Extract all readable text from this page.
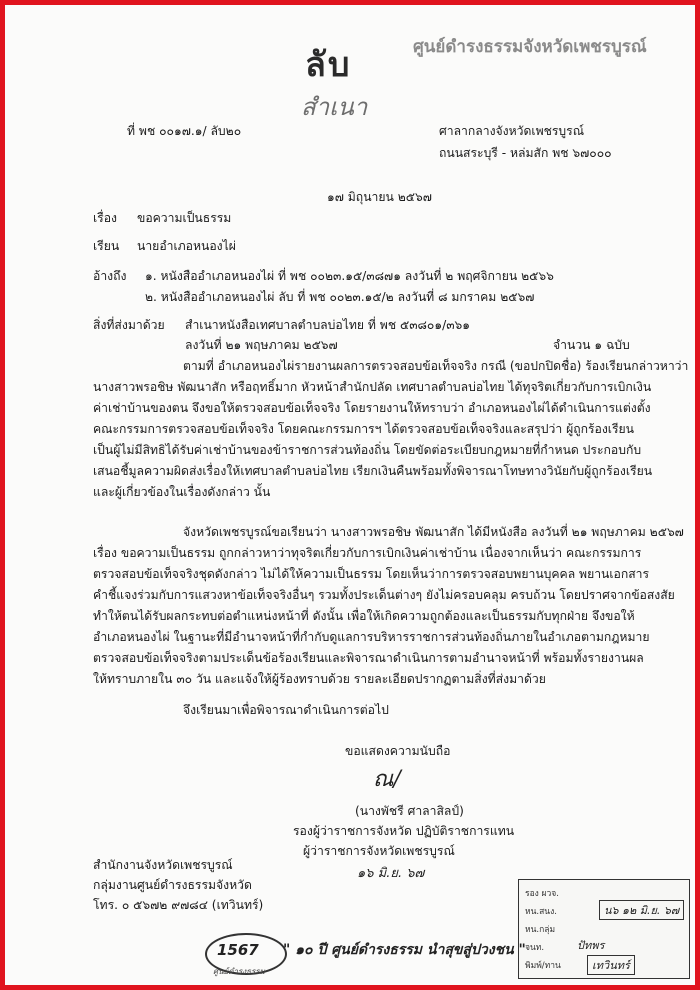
ลับ
สำเนา
ศูนย์ดำรงธรรมจังหวัดเพชรบูรณ์
ที่ พช ๐๐๑๗.๑/ ลับ๒๐	ศาลากลางจังหวัดเพชรบูรณ์
ถนนสระบุรี - หล่มสัก พช ๖๗๐๐๐
๑๗ มิถุนายน ๒๕๖๗
เรื่อง ขอความเป็นธรรม
เรียน นายอำเภอหนองไผ่
อ้างถึง ๑. หนังสืออำเภอหนองไผ่ ที่ พช ๐๐๒๓.๑๕/๓๘๗๑ ลงวันที่ ๒ พฤศจิกายน ๒๕๖๖
๒. หนังสืออำเภอหนองไผ่ ลับ ที่ พช ๐๐๒๓.๑๕/๒ ลงวันที่ ๘ มกราคม ๒๕๖๗
สิ่งที่ส่งมาด้วย สำเนาหนังสือเทศบาลตำบลบ่อไทย ที่ พช ๕๓๘๐๑/๓๖๑
ลงวันที่ ๒๑ พฤษภาคม ๒๕๖๗	จำนวน ๑ ฉบับ

ตามที่ อำเภอหนองไผ่รายงานผลการตรวจสอบข้อเท็จจริง กรณี (ขอปกปิดชื่อ) ร้องเรียนกล่าวหาว่า

นางสาวพรอชิษ พัฒนาสัก หรือฤทธิ์มาก หัวหน้าสำนักปลัด เทศบาลตำบลบ่อไทย ได้ทุจริตเกี่ยวกับการเบิกเงิน

ค่าเช่าบ้านของตน จึงขอให้ตรวจสอบข้อเท็จจริง โดยรายงานให้ทราบว่า อำเภอหนองไผ่ได้ดำเนินการแต่งตั้ง

คณะกรรมการตรวจสอบข้อเท็จจริง โดยคณะกรรมการฯ ได้ตรวจสอบข้อเท็จจริงและสรุปว่า ผู้ถูกร้องเรียน

เป็นผู้ไม่มีสิทธิได้รับค่าเช่าบ้านของข้าราชการส่วนท้องถิ่น โดยขัดต่อระเบียบกฎหมายที่กำหนด ประกอบกับ

เสนอชี้มูลความผิดส่งเรื่องให้เทศบาลตำบลบ่อไทย เรียกเงินคืนพร้อมทั้งพิจารณาโทษทางวินัยกับผู้ถูกร้องเรียน

และผู้เกี่ยวข้องในเรื่องดังกล่าว นั้น

จังหวัดเพชรบูรณ์ขอเรียนว่า นางสาวพรอชิษ พัฒนาสัก ได้มีหนังสือ ลงวันที่ ๒๑ พฤษภาคม ๒๕๖๗

เรื่อง ขอความเป็นธรรม ถูกกล่าวหาว่าทุจริตเกี่ยวกับการเบิกเงินค่าเช่าบ้าน เนื่องจากเห็นว่า คณะกรรมการ

ตรวจสอบข้อเท็จจริงชุดดังกล่าว ไม่ได้ให้ความเป็นธรรม โดยเห็นว่าการตรวจสอบพยานบุคคล พยานเอกสาร

คำชี้แจงร่วมกับการแสวงหาข้อเท็จจริงอื่นๆ รวมทั้งประเด็นต่างๆ ยังไม่ครอบคลุม ครบถ้วน โดยปราศจากข้อสงสัย

ทำให้ตนได้รับผลกระทบต่อตำแหน่งหน้าที่ ดังนั้น เพื่อให้เกิดความถูกต้องและเป็นธรรมกับทุกฝ่าย จึงขอให้

อำเภอหนองไผ่ ในฐานะที่มีอำนาจหน้าที่กำกับดูแลการบริหารราชการส่วนท้องถิ่นภายในอำเภอตามกฎหมาย

ตรวจสอบข้อเท็จจริงตามประเด็นข้อร้องเรียนและพิจารณาดำเนินการตามอำนาจหน้าที่ พร้อมทั้งรายงานผล

ให้ทราบภายใน ๓๐ วัน และแจ้งให้ผู้ร้องทราบด้วย รายละเอียดปรากฏตามสิ่งที่ส่งมาด้วย

จึงเรียนมาเพื่อพิจารณาดำเนินการต่อไป
ขอแสดงความนับถือ
ณ/
(นางพัชรี ศาลาสิลป์)
รองผู้ว่าราชการจังหวัด ปฏิบัติราชการแทน
ผู้ว่าราชการจังหวัดเพชรบูรณ์
๑๖ มิ.ย. ๖๗
สำนักงานจังหวัดเพชรบูรณ์
กลุ่มงานศูนย์ดำรงธรรมจังหวัด
โทร. ๐ ๕๖๗๒ ๙๗๘๔ (เทวินทร์)
รอง ผวจ.
หน.สนง.
หน.กลุ่ม
จนท.
พิมพ์/ทาน
น๖ ๑๒ มิ.ย. ๖๗
ปัทพร
เทวินทร์
1567
ศูนย์ดำรงธรรม
" ๑๐ ปี ศูนย์ดำรงธรรม นำสุขสู่ปวงชน "
